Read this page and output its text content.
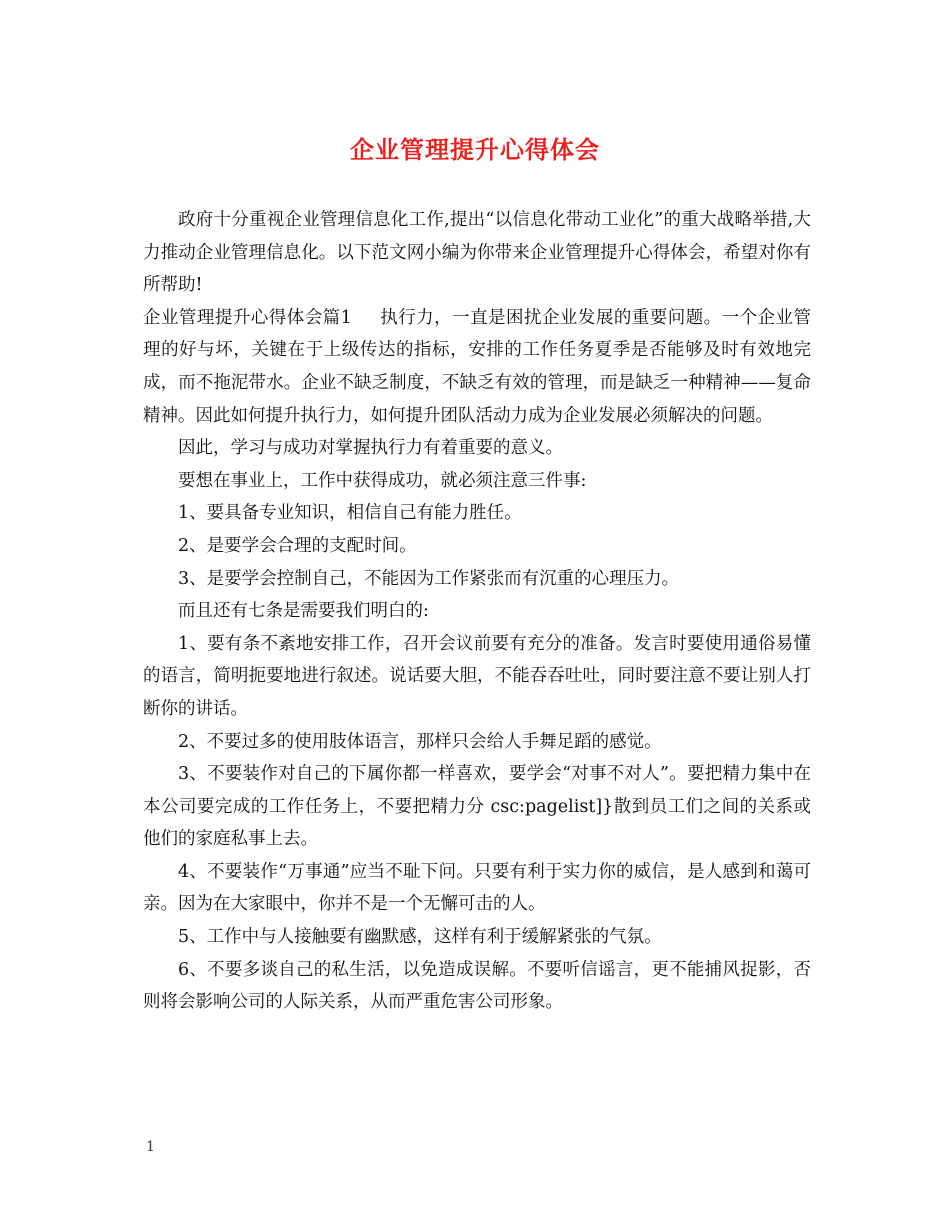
企业管理提升心得体会

政府十分重视企业管理信息化工作,提出“以信息化带动工业化”的重大战略举措,大力推动企业管理信息化。以下范文网小编为你带来企业管理提升心得体会，希望对你有所帮助!

企业管理提升心得体会篇1 执行力，一直是困扰企业发展的重要问题。一个企业管理的好与坏，关键在于上级传达的指标，安排的工作任务夏季是否能够及时有效地完成，而不拖泥带水。企业不缺乏制度，不缺乏有效的管理，而是缺乏一种精神——复命精神。因此如何提升执行力，如何提升团队活动力成为企业发展必须解决的问题。

因此，学习与成功对掌握执行力有着重要的意义。

要想在事业上，工作中获得成功，就必须注意三件事:

1、要具备专业知识，相信自己有能力胜任。

2、是要学会合理的支配时间。

3、是要学会控制自己，不能因为工作紧张而有沉重的心理压力。

而且还有七条是需要我们明白的:

1、要有条不紊地安排工作，召开会议前要有充分的准备。发言时要使用通俗易懂的语言，简明扼要地进行叙述。说话要大胆，不能吞吞吐吐，同时要注意不要让别人打断你的讲话。

2、不要过多的使用肢体语言，那样只会给人手舞足蹈的感觉。

3、不要装作对自己的下属你都一样喜欢，要学会“对事不对人”。要把精力集中在本公司要完成的工作任务上，不要把精力分 csc:pagelist]}散到员工们之间的关系或他们的家庭私事上去。

4、不要装作“万事通”应当不耻下问。只要有利于实力你的威信，是人感到和蔼可亲。因为在大家眼中，你并不是一个无懈可击的人。

5、工作中与人接触要有幽默感，这样有利于缓解紧张的气氛。

6、不要多谈自己的私生活，以免造成误解。不要听信谣言，更不能捕风捉影，否则将会影响公司的人际关系，从而严重危害公司形象。

1
